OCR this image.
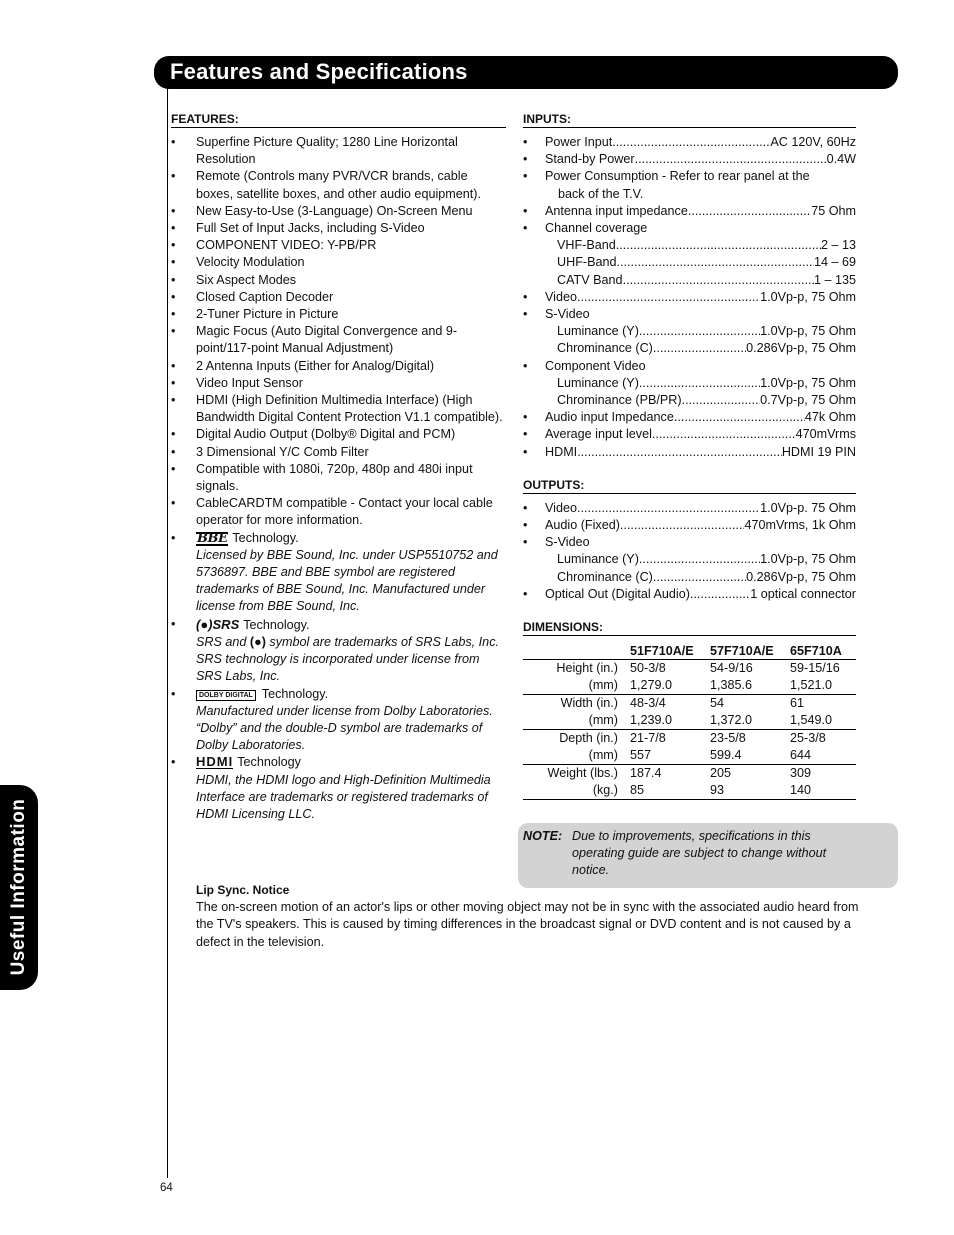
Features and Specifications
Useful Information
64
FEATURES:
• Superfine Picture Quality; 1280 Line Horizontal Resolution
• Remote (Controls many PVR/VCR brands, cable boxes, satellite boxes, and other audio equipment).
• New Easy-to-Use (3-Language) On-Screen Menu
• Full Set of Input Jacks, including S-Video
• COMPONENT VIDEO: Y-PB/PR
• Velocity Modulation
• Six Aspect Modes
• Closed Caption Decoder
• 2-Tuner Picture in Picture
• Magic Focus (Auto Digital Convergence and 9-point/117-point Manual Adjustment)
• 2 Antenna Inputs (Either for Analog/Digital)
• Video Input Sensor
• HDMI (High Definition Multimedia Interface) (High Bandwidth Digital Content Protection V1.1 compatible).
• Digital Audio Output (Dolby® Digital and PCM)
• 3 Dimensional Y/C Comb Filter
• Compatible with 1080i, 720p, 480p and 480i input signals.
• CableCARDTM compatible - Contact your local cable operator for more information.
• BBE Technology.
Licensed by BBE Sound, Inc. under USP5510752 and 5736897. BBE and BBE symbol are registered trademarks of BBE Sound, Inc. Manufactured under license from BBE Sound, Inc.
• (●)SRS Technology.
SRS and (●) symbol are trademarks of SRS Labs, Inc. SRS technology is incorporated under license from SRS Labs, Inc.
•	DOLBY DIGITAL Technology.
Manufactured under license from Dolby Laboratories. “Dolby” and the double-D symbol are trademarks of Dolby Laboratories.
• HDMI Technology
HDMI, the HDMI logo and High-Definition Multimedia Interface are trademarks or registered trademarks of HDMI Licensing LLC.
INPUTS:
• Power Input .....	AC 120V, 60Hz
• Stand-by Power .....	0.4W
• Power Consumption - Refer to rear panel at the
back of the T.V.
• Antenna input impedance .....	75 Ohm
• Channel coverage
VHF-Band .....	2 – 13
UHF-Band .....	14 – 69
CATV Band .....	1 – 135
• Video .....	1.0Vp-p, 75 Ohm
• S-Video
Luminance (Y) .....	1.0Vp-p, 75 Ohm
Chrominance (C) .....	0.286Vp-p, 75 Ohm
• Component Video
Luminance (Y) .....	1.0Vp-p, 75 Ohm
Chrominance (PB/PR) .....	0.7Vp-p, 75 Ohm
• Audio input Impedance .....	47k Ohm
• Average input level .....	470mVrms
• HDMI .....	HDMI 19 PIN
OUTPUTS:
• Video .....	1.0Vp-p. 75 Ohm
• Audio (Fixed) .....	470mVrms, 1k Ohm
• S-Video
Luminance (Y) .....	1.0Vp-p, 75 Ohm
Chrominance (C) .....	0.286Vp-p, 75 Ohm
• Optical Out (Digital Audio) .....	1 optical connector
DIMENSIONS:
	51F710A/E	57F710A/E	65F710A
Height (in.)	50-3/8	54-9/16	59-15/16
(mm)	1,279.0	1,385.6	1,521.0
Width (in.)	48-3/4	54	61
(mm)	1,239.0	1,372.0	1,549.0
Depth (in.)	21-7/8	23-5/8	25-3/8
(mm)	557	599.4	644
Weight (lbs.)	187.4	205	309
(kg.)	85	93	140
NOTE: Due to improvements, specifications in this operating guide are subject to change without notice.
Lip Sync. Notice
The on-screen motion of an actor's lips or other moving object may not be in sync with the associated audio heard from the TV's speakers. This is caused by timing differences in the broadcast signal or DVD content and is not caused by a defect in the television.
